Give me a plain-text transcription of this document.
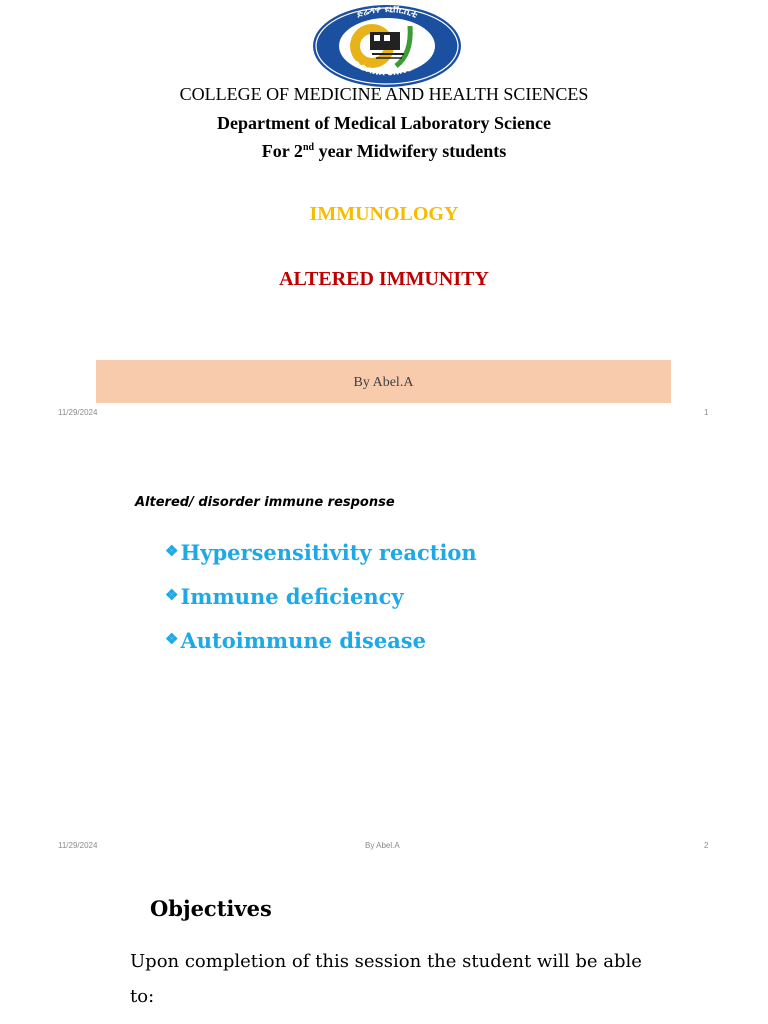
ድሬዳዋ ዩኒቨርሲቲ
DIRE-DAWA UNIVERSITY
COLLEGE OF MEDICINE AND HEALTH SCIENCES
Department of Medical Laboratory Science
For 2nd year Midwifery students
IMMUNOLOGY
ALTERED IMMUNITY
By Abel.A
11/29/2024	1
Altered/ disorder immune response
❖Hypersensitivity reaction
❖Immune deficiency
❖Autoimmune disease
11/29/2024	By Abel.A	2
Objectives
Upon completion of this session the student will be able to:
